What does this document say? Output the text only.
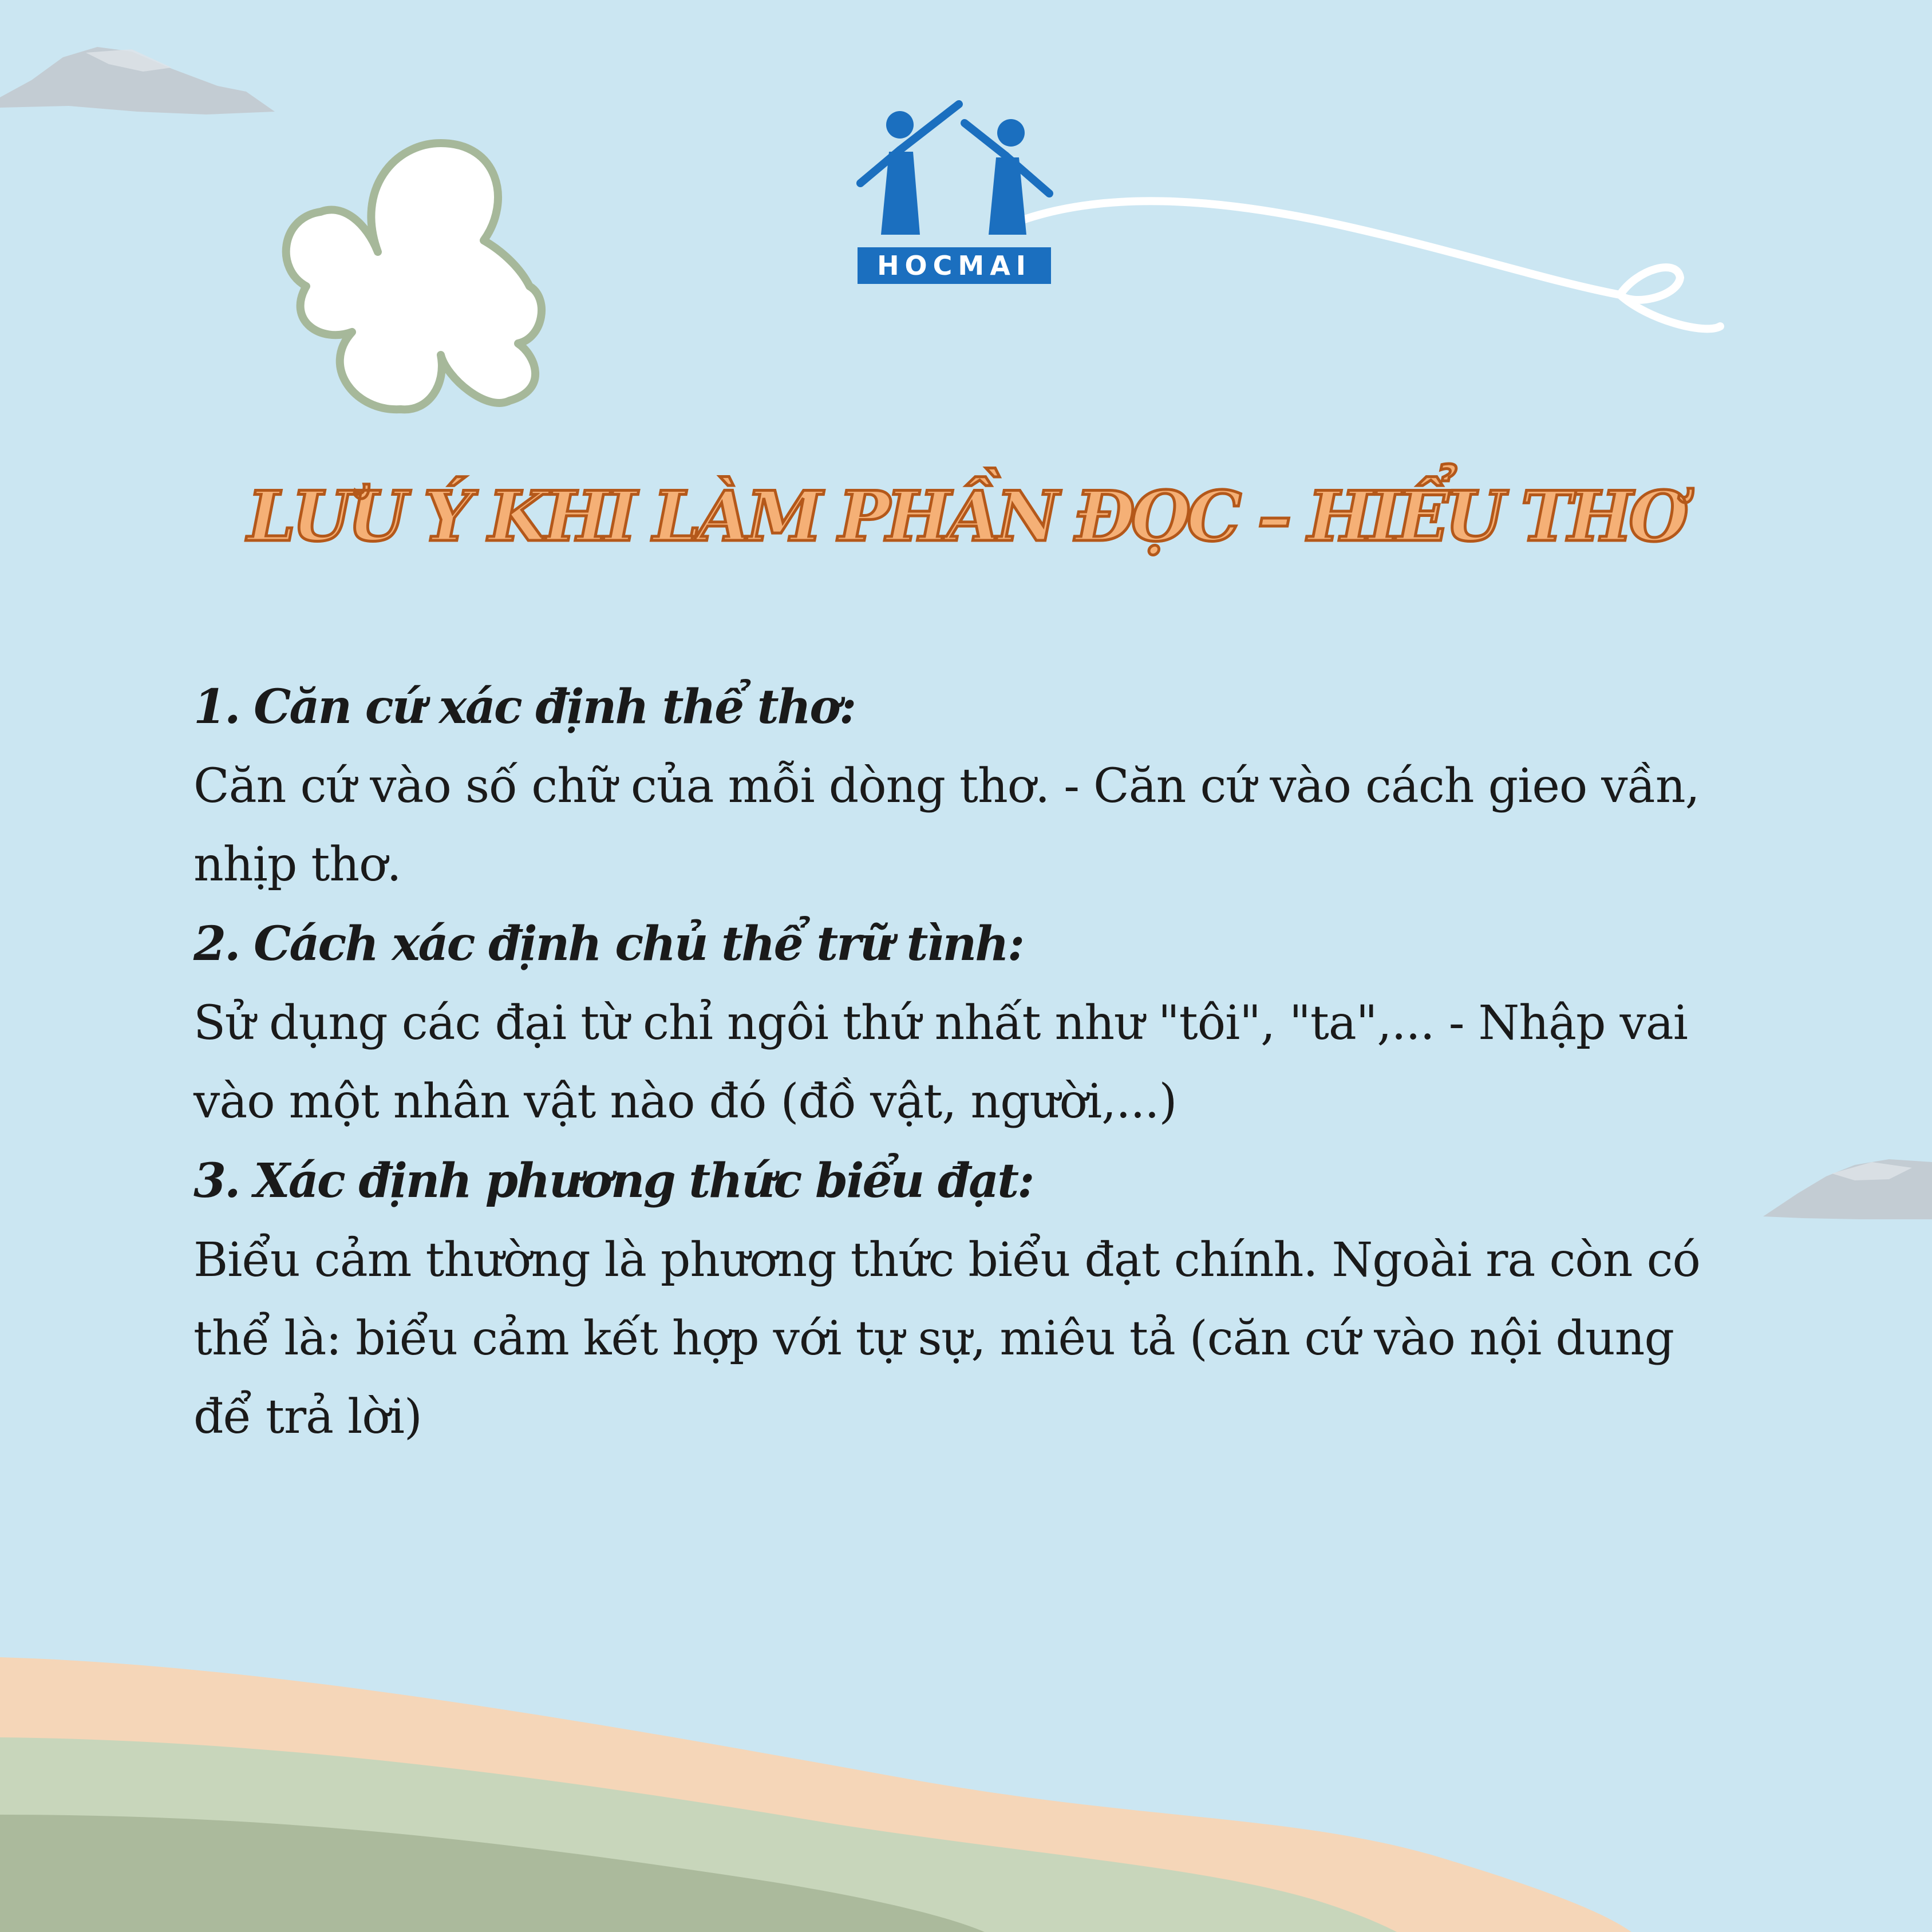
HOCMAI
LƯU Ý KHI LÀM PHẦN ĐỌC – HIỂU THƠ

1. Căn cứ xác định thể thơ:

Căn cứ vào số chữ của mỗi dòng thơ. - Căn cứ vào cách gieo vần, nhịp thơ.

2. Cách xác định chủ thể trữ tình:

Sử dụng các đại từ chỉ ngôi thứ nhất như "tôi", "ta",... - Nhập vai vào một nhân vật nào đó (đồ vật, người,...)

3. Xác định phương thức biểu đạt:

Biểu cảm thường là phương thức biểu đạt chính. Ngoài ra còn có thể là: biểu cảm kết hợp với tự sự, miêu tả (căn cứ vào nội dung để trả lời)
